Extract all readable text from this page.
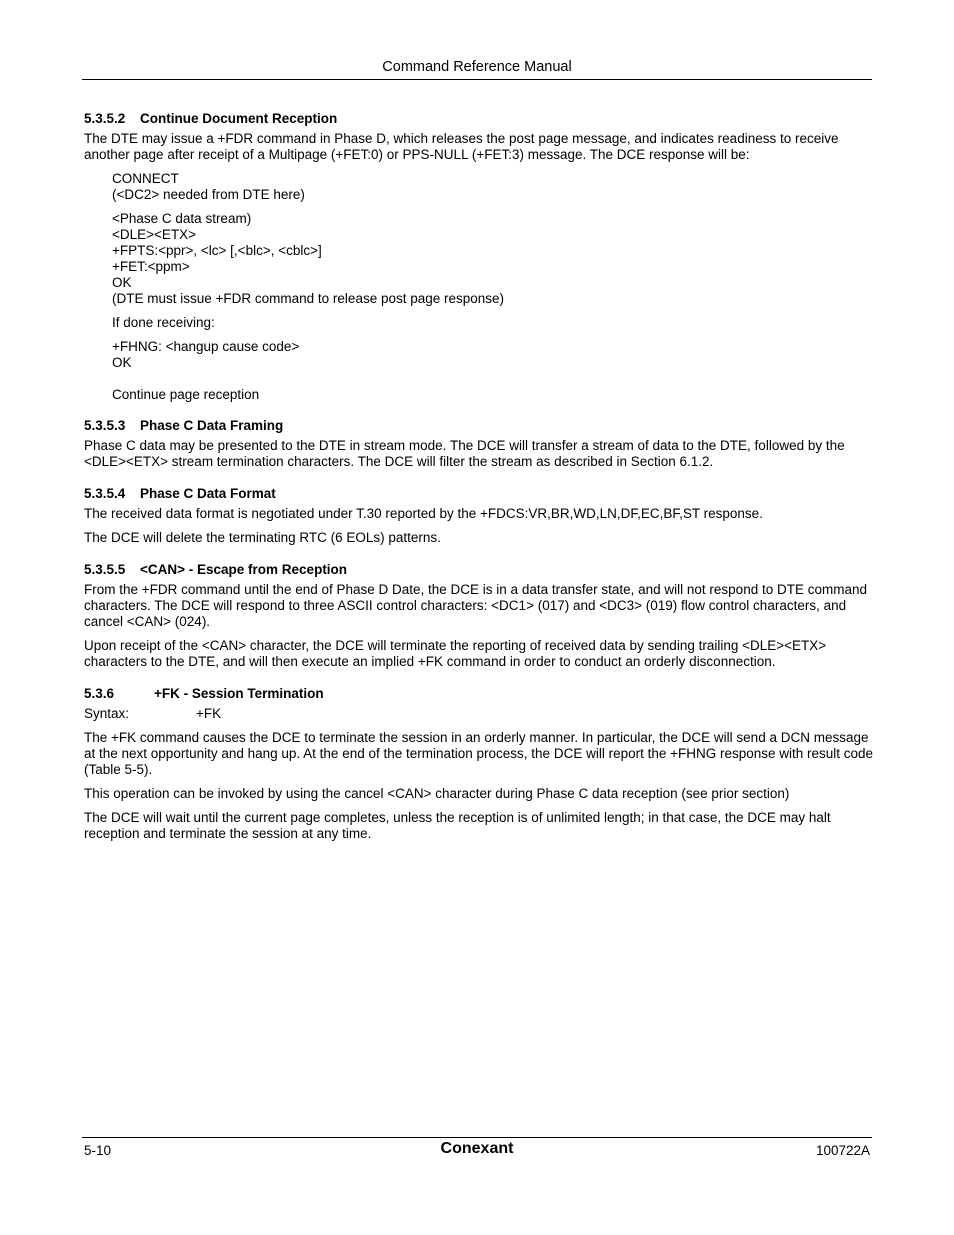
Command Reference Manual
5.3.5.2 Continue Document Reception

The DTE may issue a +FDR command in Phase D, which releases the post page message, and indicates readiness to receive another page after receipt of a Multipage (+FET:0) or PPS-NULL (+FET:3) message. The DCE response will be:

CONNECT
(<DC2> needed from DTE here)
<Phase C data stream)
<DLE><ETX>
+FPTS:<ppr>, <lc> [,<blc>, <cblc>]
+FET:<ppm>
OK
(DTE must issue +FDR command to release post page response)
If done receiving:
+FHNG: <hangup cause code>
OK
Continue page reception
5.3.5.3 Phase C Data Framing

Phase C data may be presented to the DTE in stream mode. The DCE will transfer a stream of data to the DTE, followed by the <DLE><ETX> stream termination characters. The DCE will filter the stream as described in Section 6.1.2.

5.3.5.4 Phase C Data Format

The received data format is negotiated under T.30 reported by the +FDCS:VR,BR,WD,LN,DF,EC,BF,ST response.

The DCE will delete the terminating RTC (6 EOLs) patterns.

5.3.5.5 <CAN> - Escape from Reception

From the +FDR command until the end of Phase D Date, the DCE is in a data transfer state, and will not respond to DTE command characters. The DCE will respond to three ASCII control characters: <DC1> (017) and <DC3> (019) flow control characters, and cancel <CAN> (024).

Upon receipt of the <CAN> character, the DCE will terminate the reporting of received data by sending trailing <DLE><ETX> characters to the DTE, and will then execute an implied +FK command in order to conduct an orderly disconnection.

5.3.6	+FK - Session Termination

Syntax:	+FK

The +FK command causes the DCE to terminate the session in an orderly manner. In particular, the DCE will send a DCN message at the next opportunity and hang up. At the end of the termination process, the DCE will report the +FHNG response with result code (Table 5-5).

This operation can be invoked by using the cancel <CAN> character during Phase C data reception (see prior section)

The DCE will wait until the current page completes, unless the reception is of unlimited length; in that case, the DCE may halt reception and terminate the session at any time.

5-10	Conexant	100722A
